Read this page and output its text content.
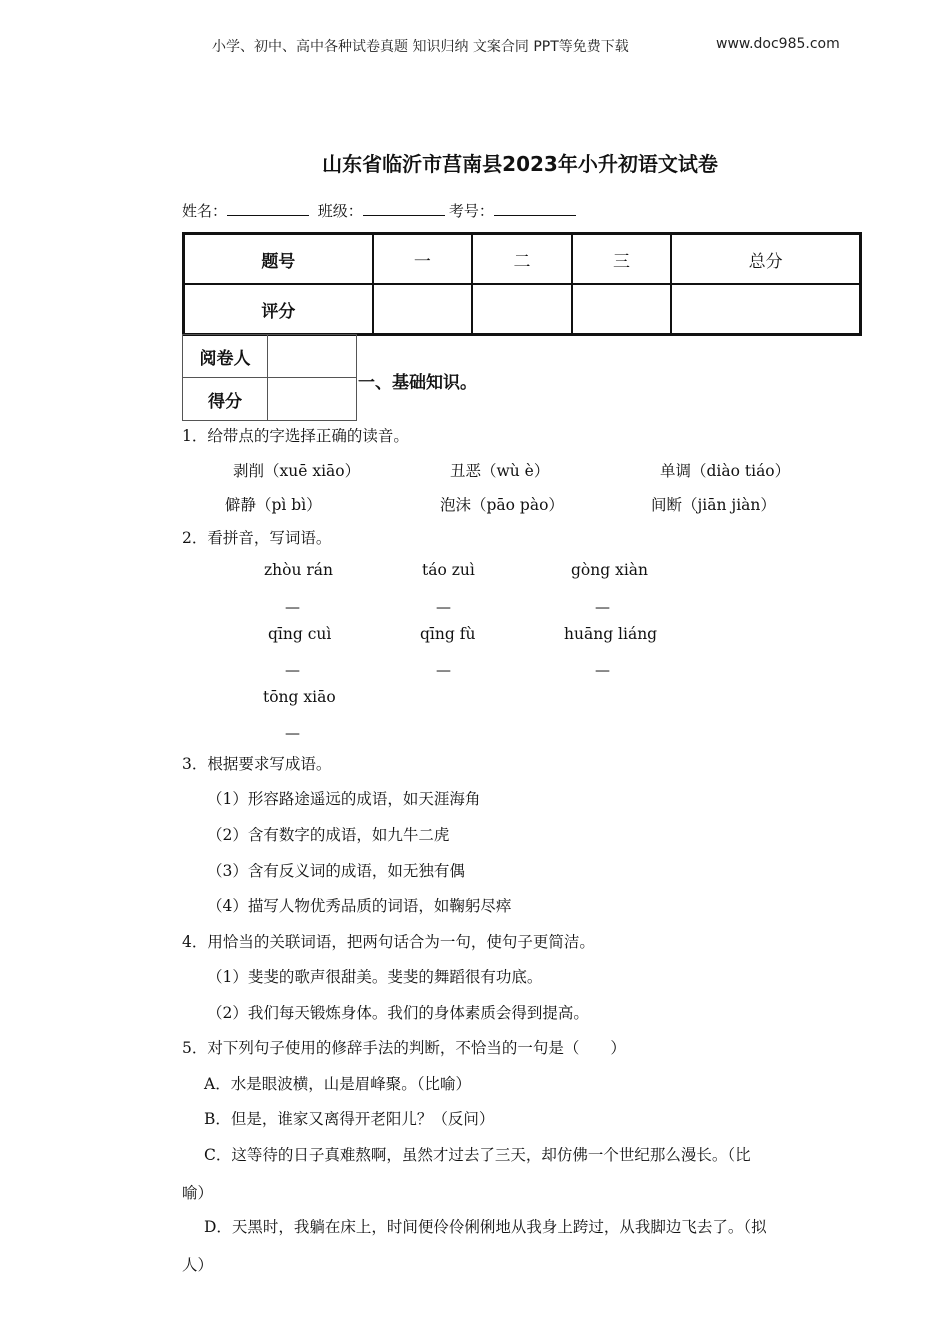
小学、初中、高中各种试卷真题 知识归纳 文案合同 PPT等免费下载	www.doc985.com
山东省临沂市莒南县2023年小升初语文试卷
姓名：	班级：	考号：
题号	一	二	三	总分
评分				
阅卷人	
得分	
一、基础知识。
1．给带点的字选择正确的读音。
剥削（xuē xiāo）	丑恶（wù è）	单调（diào tiáo）
僻静（pì bì）	泡沫（pāo pào）	间断（jiān jiàn）
2．看拼音，写词语。
zhòu rán	táo zuì	gòng xiàn
—	—	—
qīng cuì	qīng fù	huāng liáng
—	—	—
tōng xiāo
—
3．根据要求写成语。
（1）形容路途遥远的成语，如天涯海角
（2）含有数字的成语，如九牛二虎
（3）含有反义词的成语，如无独有偶
（4）描写人物优秀品质的词语，如鞠躬尽瘁
4．用恰当的关联词语，把两句话合为一句，使句子更简洁。
（1）斐斐的歌声很甜美。斐斐的舞蹈很有功底。
（2）我们每天锻炼身体。我们的身体素质会得到提高。
5．对下列句子使用的修辞手法的判断，不恰当的一句是（　　）
A．水是眼波横，山是眉峰聚。（比喻）
B．但是，谁家又离得开老阳儿？（反问）
C．这等待的日子真难熬啊，虽然才过去了三天，却仿佛一个世纪那么漫长。（比
喻）
D．天黑时，我躺在床上，时间便伶伶俐俐地从我身上跨过，从我脚边飞去了。（拟
人）
